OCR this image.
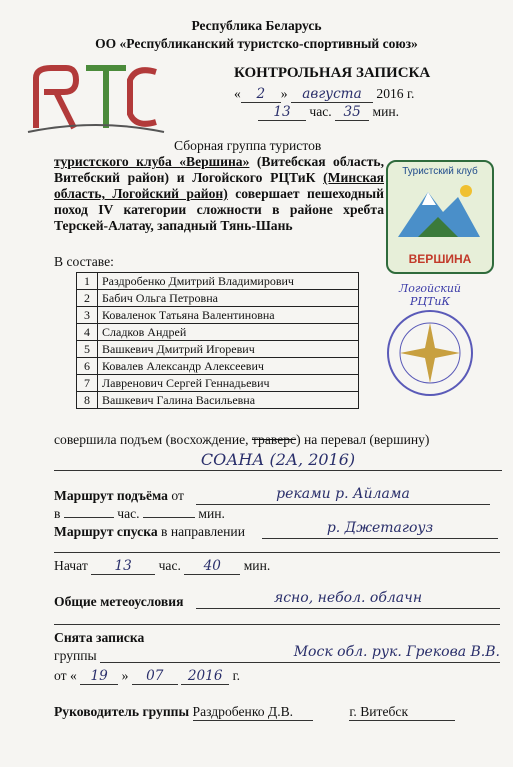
Республика Беларусь
ОО «Республиканский туристско-спортивный союз»
КОНТРОЛЬНАЯ ЗАПИСКА
« 2 » августа 2016 г.
13 час. 35 мин.
Сборная группа туристов
туристского клуба «Вершина» (Витебская область, Витебский район) и Логойского РЦТиК (Минская область, Логойский район) совершает пешеходный поход IV категории сложности в районе хребта Терскей-Алатау, западный Тянь-Шань
В составе:
1	Раздробенко Дмитрий Владимирович
2	Бабич Ольга Петровна
3	Коваленок Татьяна Валентиновна
4	Сладков Андрей
5	Вашкевич Дмитрий Игоревич
6	Ковалев Александр Алексеевич
7	Лавренович Сергей Геннадьевич
8	Вашкевич Галина Васильевна
Туристский клуб
ВЕРШИНА
Логойский РЦТиК
совершила подъем (восхождение, траверс) на перевал (вершину)
СОАНА (2А, 2016)
Маршрут подъёма от	реками р. Айлама
в	час.	мин.
Маршрут спуска в направлении	р. Джетагоуз
Начат 13 час. 40 мин.
Общие метеоусловия	ясно, небол. облачн
Снята записка
группы	Моск обл. рук. Грекова В.В.
от « 19 » 07 2016 г.
Руководитель группы Раздробенко Д.В.	г. Витебск
